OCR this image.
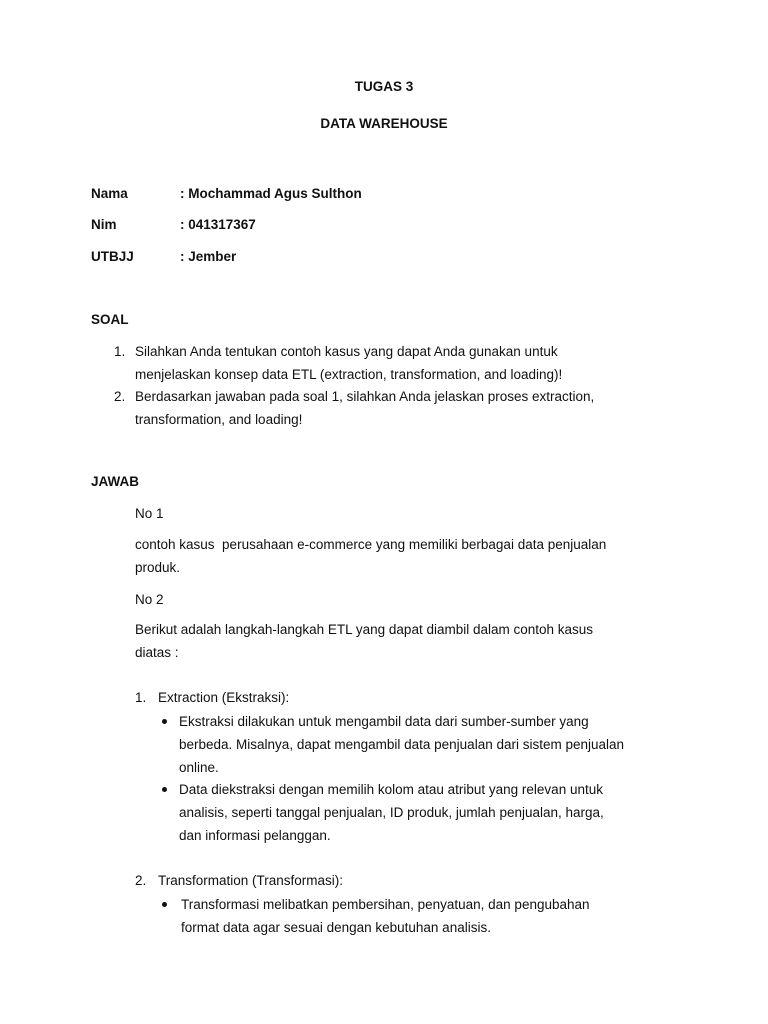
TUGAS 3
DATA WAREHOUSE
Nama	: Mochammad Agus Sulthon
Nim	: 041317367
UTBJJ	: Jember
SOAL
1. Silahkan Anda tentukan contoh kasus yang dapat Anda gunakan untuk
menjelaskan konsep data ETL (extraction, transformation, and loading)!
2. Berdasarkan jawaban pada soal 1, silahkan Anda jelaskan proses extraction,
transformation, and loading!
JAWAB
No 1
contoh kasus  perusahaan e-commerce yang memiliki berbagai data penjualan
produk.
No 2
Berikut adalah langkah-langkah ETL yang dapat diambil dalam contoh kasus
diatas :
1. Extraction (Ekstraksi):
Ekstraksi dilakukan untuk mengambil data dari sumber-sumber yang
berbeda. Misalnya, dapat mengambil data penjualan dari sistem penjualan
online.
Data diekstraksi dengan memilih kolom atau atribut yang relevan untuk
analisis, seperti tanggal penjualan, ID produk, jumlah penjualan, harga,
dan informasi pelanggan.
2. Transformation (Transformasi):
Transformasi melibatkan pembersihan, penyatuan, dan pengubahan
format data agar sesuai dengan kebutuhan analisis.
